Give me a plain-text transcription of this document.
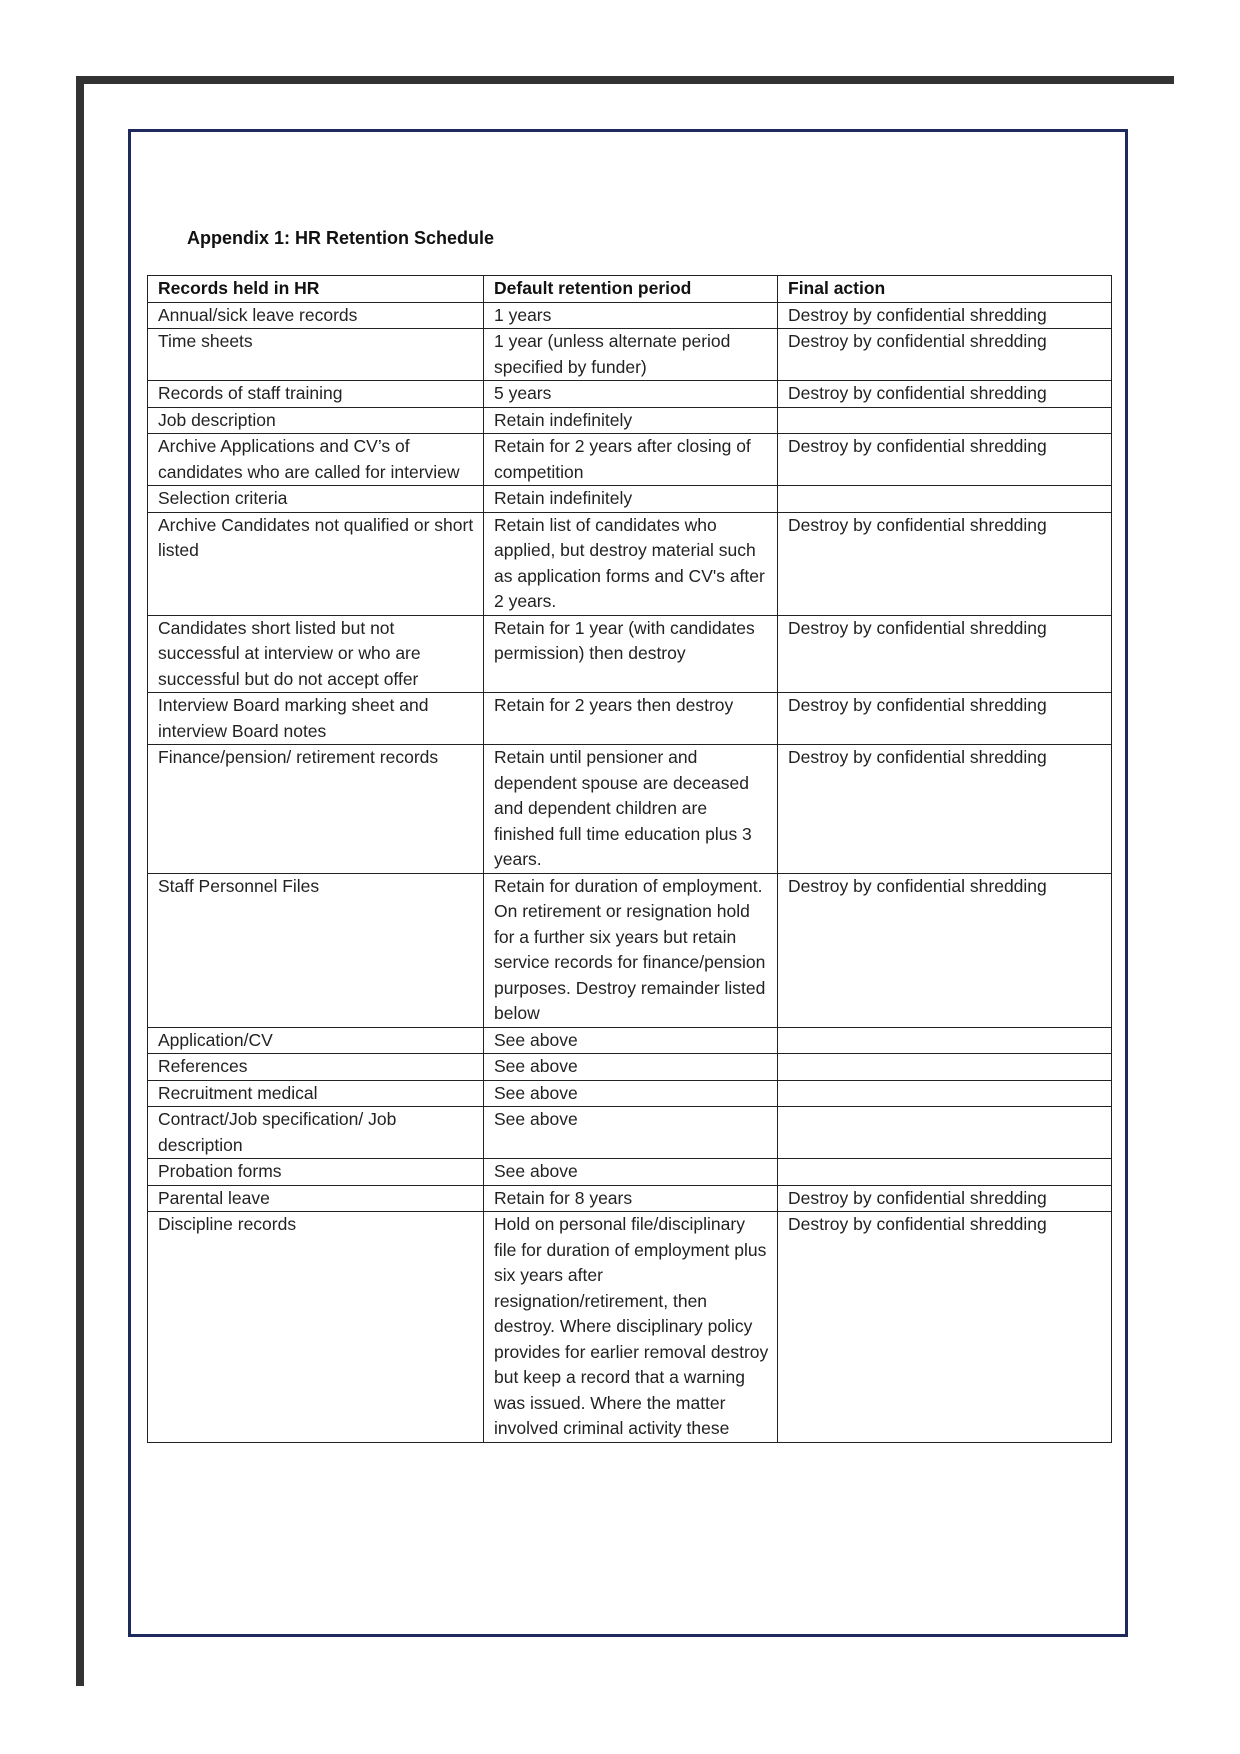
Appendix 1: HR Retention Schedule
Records held in HR	Default retention period	Final action
Annual/sick leave records	1 years	Destroy by confidential shredding
Time sheets	1 year (unless alternate period specified by funder)	Destroy by confidential shredding
Records of staff training	5 years	Destroy by confidential shredding
Job description	Retain indefinitely	
Archive Applications and CV’s of candidates who are called for interview	Retain for 2 years after closing of competition	Destroy by confidential shredding
Selection criteria	Retain indefinitely	
Archive Candidates not qualified or short listed	Retain list of candidates who applied, but destroy material such as application forms and CV's after 2 years.	Destroy by confidential shredding
Candidates short listed but not successful at interview or who are successful but do not accept offer	Retain for 1 year (with candidates permission) then destroy	Destroy by confidential shredding
Interview Board marking sheet and interview Board notes	Retain for 2 years then destroy	Destroy by confidential shredding
Finance/pension/ retirement records	Retain until pensioner and dependent spouse are deceased and dependent children are finished full time education plus 3 years.	Destroy by confidential shredding
Staff Personnel Files	Retain for duration of employment. On retirement or resignation hold for a further six years but retain service records for finance/pension purposes. Destroy remainder listed below	Destroy by confidential shredding
Application/CV	See above	
References	See above	
Recruitment medical	See above	
Contract/Job specification/ Job description	See above	
Probation forms	See above	
Parental leave	Retain for 8 years	Destroy by confidential shredding
Discipline records	Hold on personal file/disciplinary file for duration of employment plus six years after resignation/retirement, then destroy. Where disciplinary policy provides for earlier removal destroy but keep a record that a warning was issued. Where the matter involved criminal activity these	Destroy by confidential shredding
